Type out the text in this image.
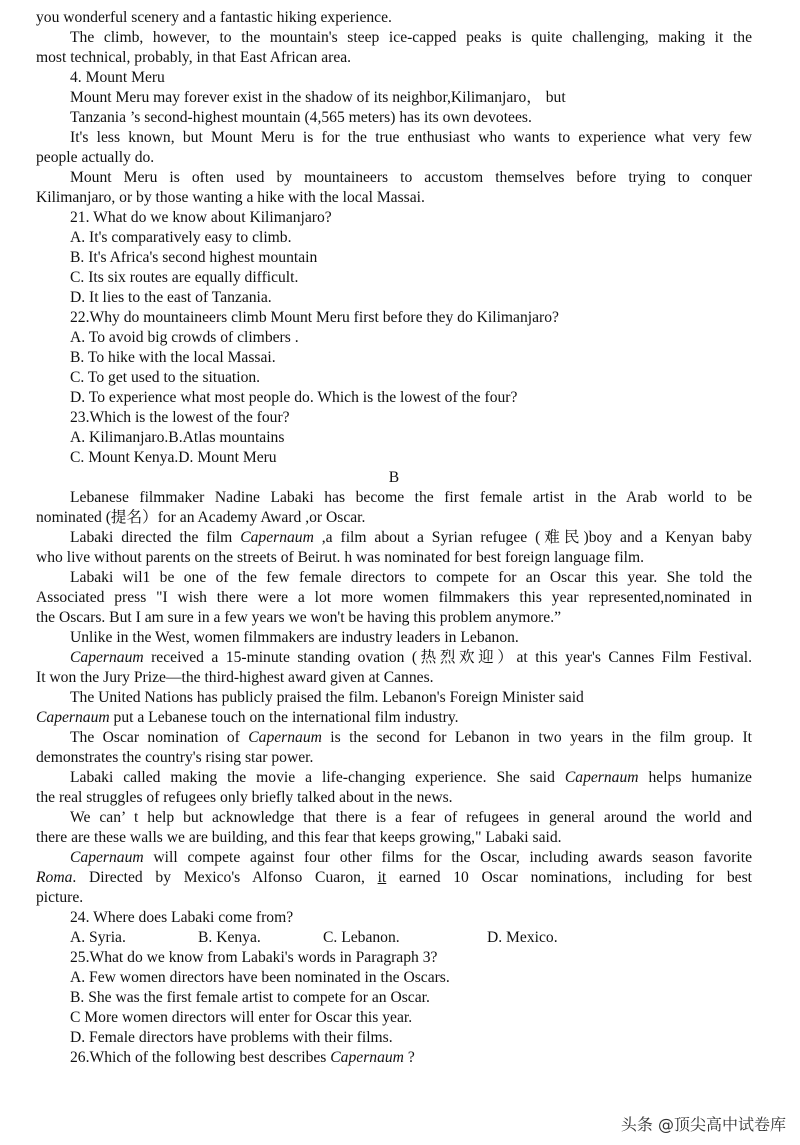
you wonderful scenery and a fantastic hiking experience.
The climb, however, to the mountain's steep ice-capped peaks is quite challenging, making it the
most technical, probably, in that East African area.
4. Mount Meru
Mount Meru may forever exist in the shadow of its neighbor,Kilimanjaro， but
Tanzania ’s second-highest mountain (4,565 meters) has its own devotees.
It's less known, but Mount Meru is for the true enthusiast who wants to experience what very few
people actually do.
Mount Meru is often used by mountaineers to accustom themselves before trying to conquer
Kilimanjaro, or by those wanting a hike with the local Massai.
21. What do we know about Kilimanjaro?
A. It's comparatively easy to climb.
B. It's Africa's second highest mountain
C. Its six routes are equally difficult.
D. It lies to the east of Tanzania.
22.Why do mountaineers climb Mount Meru first before they do Kilimanjaro?
A. To avoid big crowds of climbers .
B. To hike with the local Massai.
C. To get used to the situation.
D. To experience what most people do. Which is the lowest of the four?
23.Which is the lowest of the four?
A. Kilimanjaro.B.Atlas mountains
C. Mount Kenya.D. Mount Meru
B
Lebanese filmmaker Nadine Labaki has become the first female artist in the Arab world to be
nominated (提名）for an Academy Award ,or Oscar.
Labaki directed the film Capernaum ,a film about a Syrian refugee (难民)boy and a Kenyan baby
who live without parents on the streets of Beirut. h was nominated for best foreign language film.
Labaki wil1 be one of the few female directors to compete for an Oscar this year. She told the
Associated press "I wish there were a lot more women filmmakers this year represented,nominated in
the Oscars. But I am sure in a few years we won't be having this problem anymore.”
Unlike in the West, women filmmakers are industry leaders in Lebanon.
Capernaum received a 15-minute standing ovation (热烈欢迎）at this year's Cannes Film Festival.
It won the Jury Prize—the third-highest award given at Cannes.
The United Nations has publicly praised the film. Lebanon's Foreign Minister said
Capernaum put a Lebanese touch on the international film industry.
The Oscar nomination of Capernaum is the second for Lebanon in two years in the film group. It
demonstrates the country's rising star power.
Labaki called making the movie a life-changing experience. She said Capernaum helps humanize
the real struggles of refugees only briefly talked about in the news.
We can’ t help but acknowledge that there is a fear of refugees in general around the world and
there are these walls we are building, and this fear that keeps growing," Labaki said.
Capernaum will compete against four other films for the Oscar, including awards season favorite
Roma. Directed by Mexico's Alfonso Cuaron, it earned 10 Oscar nominations, including for best
picture.
24. Where does Labaki come from?
A. Syria.	B. Kenya.	C. Lebanon.	D. Mexico.
25.What do we know from Labaki's words in Paragraph 3?
A. Few women directors have been nominated in the Oscars.
B. She was the first female artist to compete for an Oscar.
C More women directors will enter for Oscar this year.
D. Female directors have problems with their films.
26.Which of the following best describes Capernaum ?
头条 @顶尖高中试卷库
